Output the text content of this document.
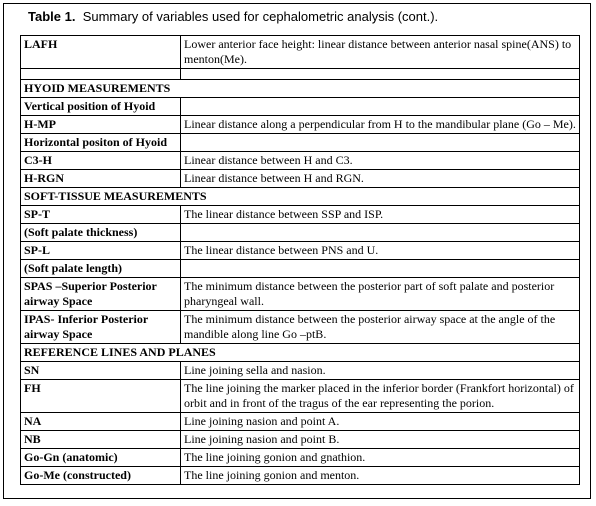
Table 1. Summary of variables used for cephalometric analysis (cont.).
LAFH	Lower anterior face height: linear distance between anterior nasal spine(ANS) to menton(Me).

HYOID MEASUREMENTS	
Vertical position of Hyoid	
H-MP	Linear distance along a perpendicular from H to the mandibular plane (Go – Me).
Horizontal positon of Hyoid	
C3-H	Linear distance between H and C3.
H-RGN	Linear distance between H and RGN.
SOFT-TISSUE MEASUREMENTS	
SP-T	The linear distance between SSP and ISP.
(Soft palate thickness)	
SP-L	The linear distance between PNS and U.
(Soft palate length)	
SPAS –Superior Posterior airway Space	The minimum distance between the posterior part of soft palate and posterior pharyngeal wall.
IPAS- Inferior Posterior airway Space	The minimum distance between the posterior airway space at the angle of the mandible along line Go –ptB.
REFERENCE LINES AND PLANES	
SN	Line joining sella and nasion.
FH	The line joining the marker placed in the inferior border (Frankfort horizontal) of orbit and in front of the tragus of the ear representing the porion.
NA	Line joining nasion and point A.
NB	Line joining nasion and point B.
Go-Gn (anatomic)	The line joining gonion and gnathion.
Go-Me (constructed)	The line joining gonion and menton.
